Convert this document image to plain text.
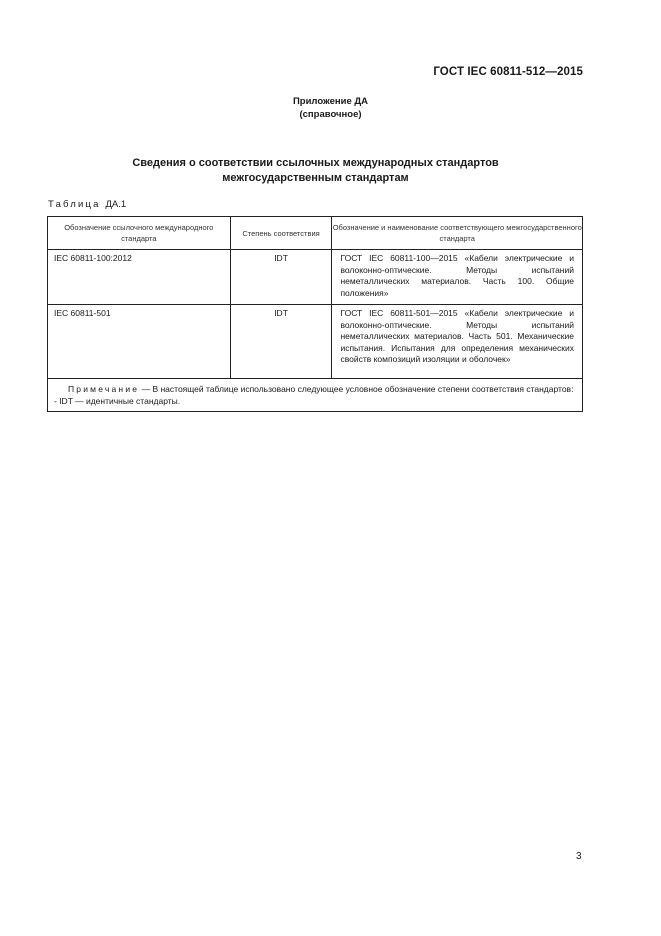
ГОСТ IEC 60811-512—2015
Приложение ДА
(справочное)
Сведения о соответствии ссылочных международных стандартов
межгосударственным стандартам
Таблица ДА.1
Обозначение ссылочного международного стандарта	Степень соответствия	Обозначение и наименование соответствующего межгосударственного стандарта
IEC 60811-100:2012	IDT	ГОСТ IEC 60811-100—2015 «Кабели электрические и волоконно-оптические. Методы испытаний неметаллических материалов. Часть 100. Общие положения»
IEC 60811-501	IDT	ГОСТ IEC 60811-501—2015 «Кабели электрические и волоконно-оптические. Методы испытаний неметаллических материалов. Часть 501. Механические испытания. Испытания для определения механических свойств композиций изоляции и оболочек»

Примечание — В настоящей таблице использовано следующее условное обозначение степени соответствия стандартов:
- IDT — идентичные стандарты.		
3
